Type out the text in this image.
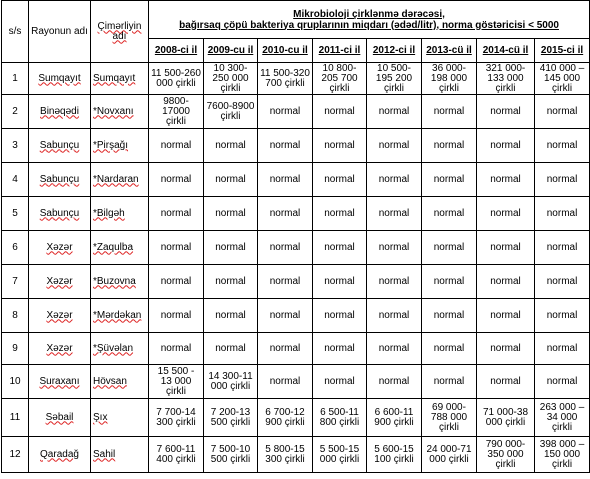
s/s	Rayonun adı	Çimərliyin adı	Mikrobioloji çirklənmə dərəcəsi,
bağırsaq çöpü bakteriya qruplarının miqdarı (ədəd/litr), norma göstəricisi < 5000							

			2008-ci il	2009-cu il	2010-cu il	2011-ci il	2012-ci il	2013-cü il	2014-cü il	2015-ci il
1	Sumqayıt	Sumqayıt	11 500-260 000 çirkli	10 300-250 000 çirkli	11 500-320 700 çirkli	10 800-205 700 çirkli	10 500-195 200 çirkli	36 000-198 000 çirkli	321 000-133 000 çirkli	410 000 – 145 000 çirkli
2	Binəqədi	*Novxanı	9800-17000 çirkli	7600-8900 çirkli	normal	normal	normal	normal	normal	normal
3	Sabunçu	*Pirşağı	normal	normal	normal	normal	normal	normal	normal	normal
4	Sabunçu	*Nardaran	normal	normal	normal	normal	normal	normal	normal	normal
5	Sabunçu	*Bilgəh	normal	normal	normal	normal	normal	normal	normal	normal
6	Xəzər	*Zaqulba	normal	normal	normal	normal	normal	normal	normal	normal
7	Xəzər	*Buzovna	normal	normal	normal	normal	normal	normal	normal	normal
8	Xəzər	*Mərdəkan	normal	normal	normal	normal	normal	normal	normal	normal
9	Xəzər	*Şüvəlan	normal	normal	normal	normal	normal	normal	normal	normal
10	Suraxanı	Hövsan	15 500 - 13 000 çirkli	14 300-11 000 çirkli	normal	normal	normal	normal	normal	normal
11	Səbail	Şıx	7 700-14 300 çirkli	7 200-13 500 çirkli	6 700-12 900 çirkli	6 500-11 800 çirkli	6 600-11 900 çirkli	69 000-788 000 çirkli	71 000-38 000 çirkli	263 000 – 34 000 çirkli
12	Qaradağ	Sahil	7 600-11 400 çirkli	7 500-10 500 çirkli	5 800-15 300 çirkli	5 500-15 000 çirkli	5 600-15 100 çirkli	24 000-71 000 çirkli	790 000-350 000 çirkli	398 000 – 150 000 çirkli
